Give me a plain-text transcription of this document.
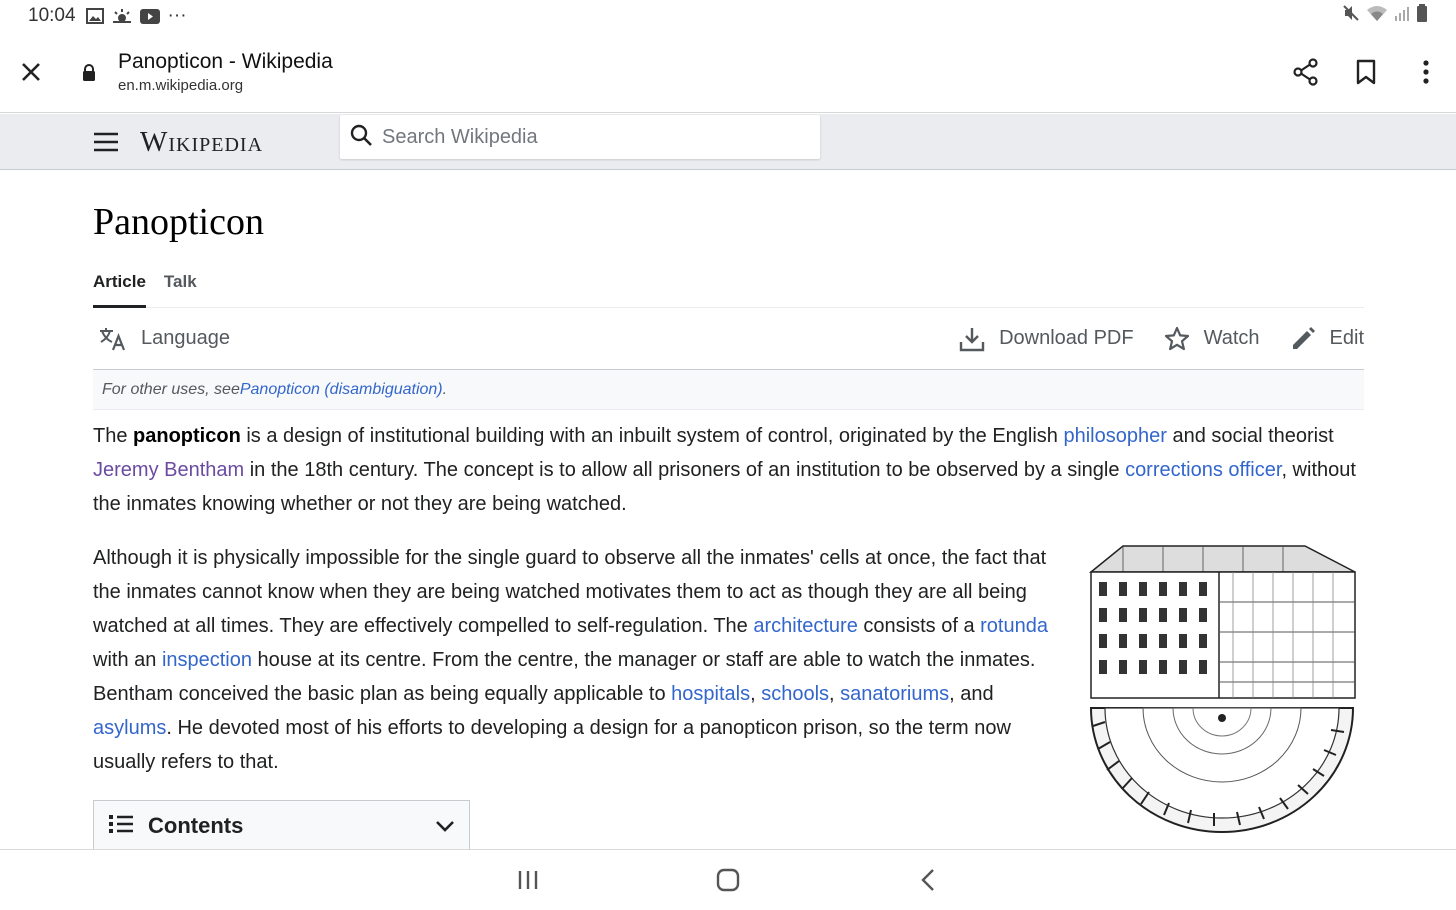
10:04	···
Panopticon - Wikipedia
en.m.wikipedia.org
Wikipedia
Search Wikipedia
Panopticon
Article Talk
Language	Download PDF	Watch	Edit
For other uses, see Panopticon (disambiguation) .

The panopticon is a design of institutional building with an inbuilt system of control, originated by the English philosopher and social theorist Jeremy Bentham in the 18th century. The concept is to allow all prisoners of an institution to be observed by a single corrections officer, without the inmates knowing whether or not they are being watched.

Although it is physically impossible for the single guard to observe all the inmates' cells at once, the fact that the inmates cannot know when they are being watched motivates them to act as though they are all being watched at all times. They are effectively compelled to self-regulation. The architecture consists of a rotunda with an inspection house at its centre. From the centre, the manager or staff are able to watch the inmates. Bentham conceived the basic plan as being equally applicable to hospitals, schools, sanatoriums, and asylums. He devoted most of his efforts to developing a design for a panopticon prison, so the term now usually refers to that.

Contents
